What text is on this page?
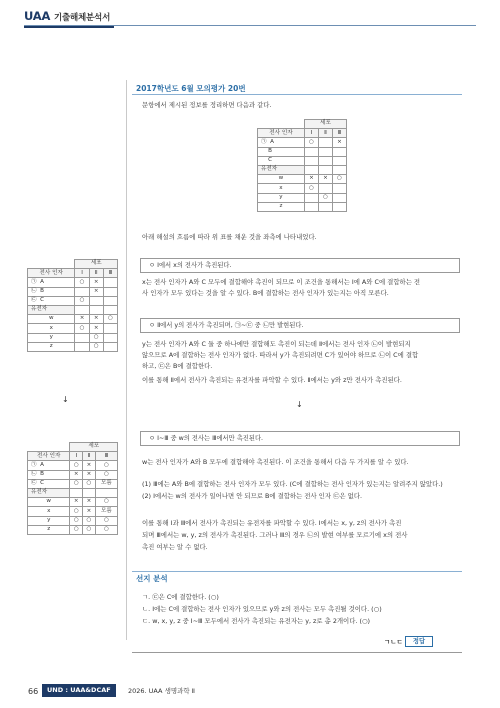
UAA 기출해체분석서
2017학년도 6월 모의평가 20번
문항에서 제시된 정보를 정리하면 다음과 같다.
	세포		
전사 인자	Ⅰ	Ⅱ	Ⅲ
㉠ A	○		×
B			
C			
유전자			
w	×	×	○
x	○		
y		○	
z			
아래 해설의 흐름에 따라 위 표를 채운 것을 좌측에 나타내었다.
	세포		
전사 인자	Ⅰ	Ⅱ	Ⅲ
㉠ A	○	×	
㉡ B		×	
㉢ C	○		
유전자			
w	×	×	○
x	○	×	
y		○	
z		○	
ㅇ Ⅰ에서 x의 전사가 촉진된다.
x는 전사 인자가 A와 C 모두에 결합해야 촉진이 되므로 이 조건을 통해서는 Ⅰ에 A와 C에 결합하는 전
사 인자가 모두 있다는 것을 알 수 있다. B에 결합하는 전사 인자가 있는지는 아직 모른다.
ㅇ Ⅱ에서 y의 전사가 촉진되며, ㉠~㉢ 중 ㉡만 발현된다.
y는 전사 인자가 A와 C 둘 중 하나에만 결합해도 촉진이 되는데 Ⅱ에서는 전사 인자 ㉡이 발현되지
않으므로 A에 결합하는 전사 인자가 없다. 따라서 y가 촉진되려면 C가 있어야 하므로 ㉡이 C에 결합
하고, ㉢은 B에 결합한다.
이를 통해 Ⅱ에서 전사가 촉진되는 유전자를 파악할 수 있다. Ⅱ에서는 y와 z만 전사가 촉진된다.
↓
↓
	세포		
전사 인자	Ⅰ	Ⅱ	Ⅲ
㉠ A	○	×	○
㉡ B	×	×	○
㉢ C	○	○	모름
유전자			
w	×	×	○
x	○	×	모름
y	○	○	○
z	○	○	○
ㅇ Ⅰ~Ⅲ 중 w의 전사는 Ⅲ에서만 촉진된다.
w는 전사 인자가 A와 B 모두에 결합해야 촉진된다. 이 조건을 통해서 다음 두 가지를 알 수 있다.
(1) Ⅲ에는 A와 B에 결합하는 전사 인자가 모두 있다. (C에 결합하는 전사 인자가 있는지는 알려주지 않았다.)
(2) Ⅰ에서는 w의 전사가 일어나면 안 되므로 B에 결합하는 전사 인자 ㉢은 없다.
이를 통해 Ⅰ과 Ⅲ에서 전사가 촉진되는 유전자를 파악할 수 있다. Ⅰ에서는 x, y, z의 전사가 촉진
되며 Ⅲ에서는 w, y, z의 전사가 촉진된다. 그러나 Ⅲ의 경우 ㉡의 발현 여부를 모르기에 x의 전사
촉진 여부는 알 수 없다.
선지 분석
ㄱ. ㉢은 C에 결합한다. (○)
ㄴ. Ⅰ에는 C에 결합하는 전사 인자가 있으므로 y와 z의 전사는 모두 촉진될 것이다. (○)
ㄷ. w, x, y, z 중 Ⅰ~Ⅲ 모두에서 전사가 촉진되는 유전자는 y, z로 총 2개이다. (○)
ㄱㄴㄷ	정답
66	UND : UAA&DCAF	2026. UAA 생명과학 Ⅱ
